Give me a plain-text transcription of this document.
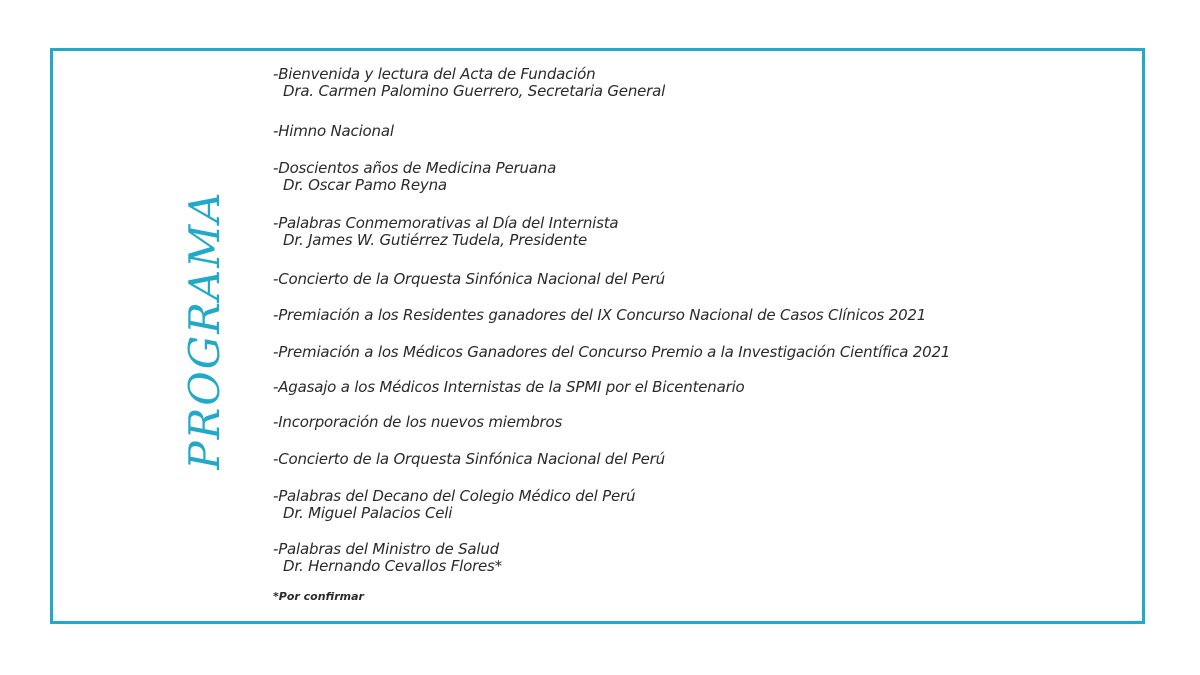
PROGRAMA
-Bienvenida y lectura del Acta de Fundación
Dra. Carmen Palomino Guerrero, Secretaria General
-Himno Nacional
-Doscientos años de Medicina Peruana
Dr. Oscar Pamo Reyna
-Palabras Conmemorativas al Día del Internista
Dr. James W. Gutiérrez Tudela, Presidente
-Concierto de la Orquesta Sinfónica Nacional del Perú
-Premiación a los Residentes ganadores del IX Concurso Nacional de Casos Clínicos 2021
-Premiación a los Médicos Ganadores del Concurso Premio a la Investigación Científica 2021
-Agasajo a los Médicos Internistas de la SPMI por el Bicentenario
-Incorporación de los nuevos miembros
-Concierto de la Orquesta Sinfónica Nacional del Perú
-Palabras del Decano del Colegio Médico del Perú
Dr. Miguel Palacios Celi
-Palabras del Ministro de Salud
Dr. Hernando Cevallos Flores*
*Por confirmar
